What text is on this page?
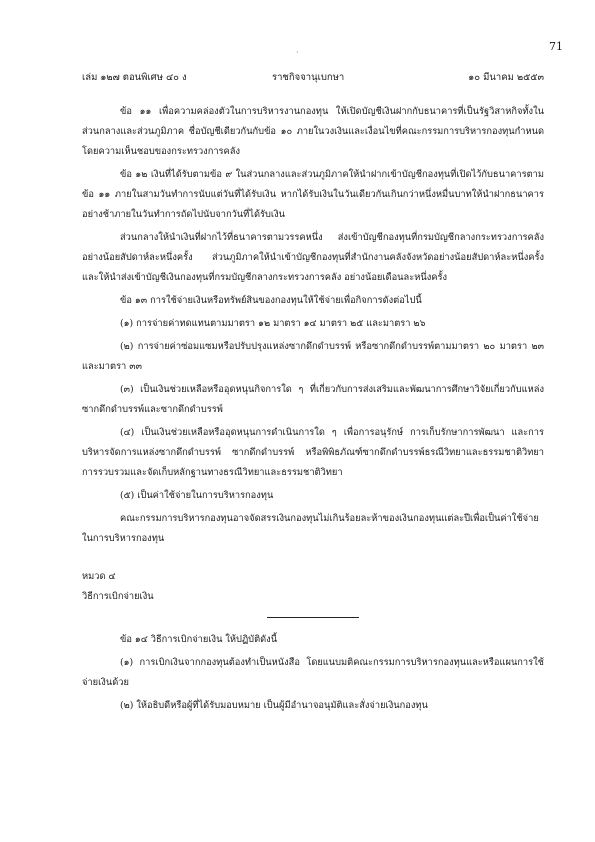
71
·
เล่ม ๑๒๗ ตอนพิเศษ ๔๐ ง	ราชกิจจานุเบกษา	๑๐ มีนาคม ๒๕๕๓

ข้อ ๑๑ เพื่อความคล่องตัวในการบริหารงานกองทุน ให้เปิดบัญชีเงินฝากกับธนาคารที่เป็นรัฐวิสาหกิจทั้งในส่วนกลางและส่วนภูมิภาค ชื่อบัญชีเดียวกันกับข้อ ๑๐ ภายในวงเงินและเงื่อนไขที่คณะกรรมการบริหารกองทุนกำหนดโดยความเห็นชอบของกระทรวงการคลัง

ข้อ ๑๒ เงินที่ได้รับตามข้อ ๙ ในส่วนกลางและส่วนภูมิภาคให้นำฝากเข้าบัญชีกองทุนที่เปิดไว้กับธนาคารตามข้อ ๑๑ ภายในสามวันทำการนับแต่วันที่ได้รับเงิน หากได้รับเงินในวันเดียวกันเกินกว่าหนึ่งหมื่นบาทให้นำฝากธนาคารอย่างช้าภายในวันทำการถัดไปนับจากวันที่ได้รับเงิน

ส่วนกลางให้นำเงินที่ฝากไว้ที่ธนาคารตามวรรคหนึ่ง ส่งเข้าบัญชีกองทุนที่กรมบัญชีกลางกระทรวงการคลัง อย่างน้อยสัปดาห์ละหนึ่งครั้ง ส่วนภูมิภาคให้นำเข้าบัญชีกองทุนที่สำนักงานคลังจังหวัดอย่างน้อยสัปดาห์ละหนึ่งครั้ง และให้นำส่งเข้าบัญชีเงินกองทุนที่กรมบัญชีกลางกระทรวงการคลัง อย่างน้อยเดือนละหนึ่งครั้ง

ข้อ ๑๓ การใช้จ่ายเงินหรือทรัพย์สินของกองทุนให้ใช้จ่ายเพื่อกิจการดังต่อไปนี้

(๑) การจ่ายค่าทดแทนตามมาตรา ๑๒ มาตรา ๑๔ มาตรา ๒๕ และมาตรา ๒๖

(๒) การจ่ายค่าซ่อมแซมหรือปรับปรุงแหล่งซากดึกดำบรรพ์ หรือซากดึกดำบรรพ์ตามมาตรา ๒๐ มาตรา ๒๓ และมาตรา ๓๓

(๓) เป็นเงินช่วยเหลือหรืออุดหนุนกิจการใด ๆ ที่เกี่ยวกับการส่งเสริมและพัฒนาการศึกษาวิจัยเกี่ยวกับแหล่งซากดึกดำบรรพ์และซากดึกดำบรรพ์

(๔) เป็นเงินช่วยเหลือหรืออุดหนุนการดำเนินการใด ๆ เพื่อการอนุรักษ์ การเก็บรักษาการพัฒนา และการบริหารจัดการแหล่งซากดึกดำบรรพ์ ซากดึกดำบรรพ์ หรือพิพิธภัณฑ์ซากดึกดำบรรพ์ธรณีวิทยาและธรรมชาติวิทยา การรวบรวมและจัดเก็บหลักฐานทางธรณีวิทยาและธรรมชาติวิทยา

(๕) เป็นค่าใช้จ่ายในการบริหารกองทุน

คณะกรรมการบริหารกองทุนอาจจัดสรรเงินกองทุนไม่เกินร้อยละห้าของเงินกองทุนแต่ละปีเพื่อเป็นค่าใช้จ่ายในการบริหารกองทุน

หมวด ๔

วิธีการเบิกจ่ายเงิน

ข้อ ๑๔ วิธีการเบิกจ่ายเงิน ให้ปฏิบัติดังนี้

(๑) การเบิกเงินจากกองทุนต้องทำเป็นหนังสือ โดยแนบมติคณะกรรมการบริหารกองทุนและหรือแผนการใช้จ่ายเงินด้วย

(๒) ให้อธิบดีหรือผู้ที่ได้รับมอบหมาย เป็นผู้มีอำนาจอนุมัติและสั่งจ่ายเงินกองทุน
